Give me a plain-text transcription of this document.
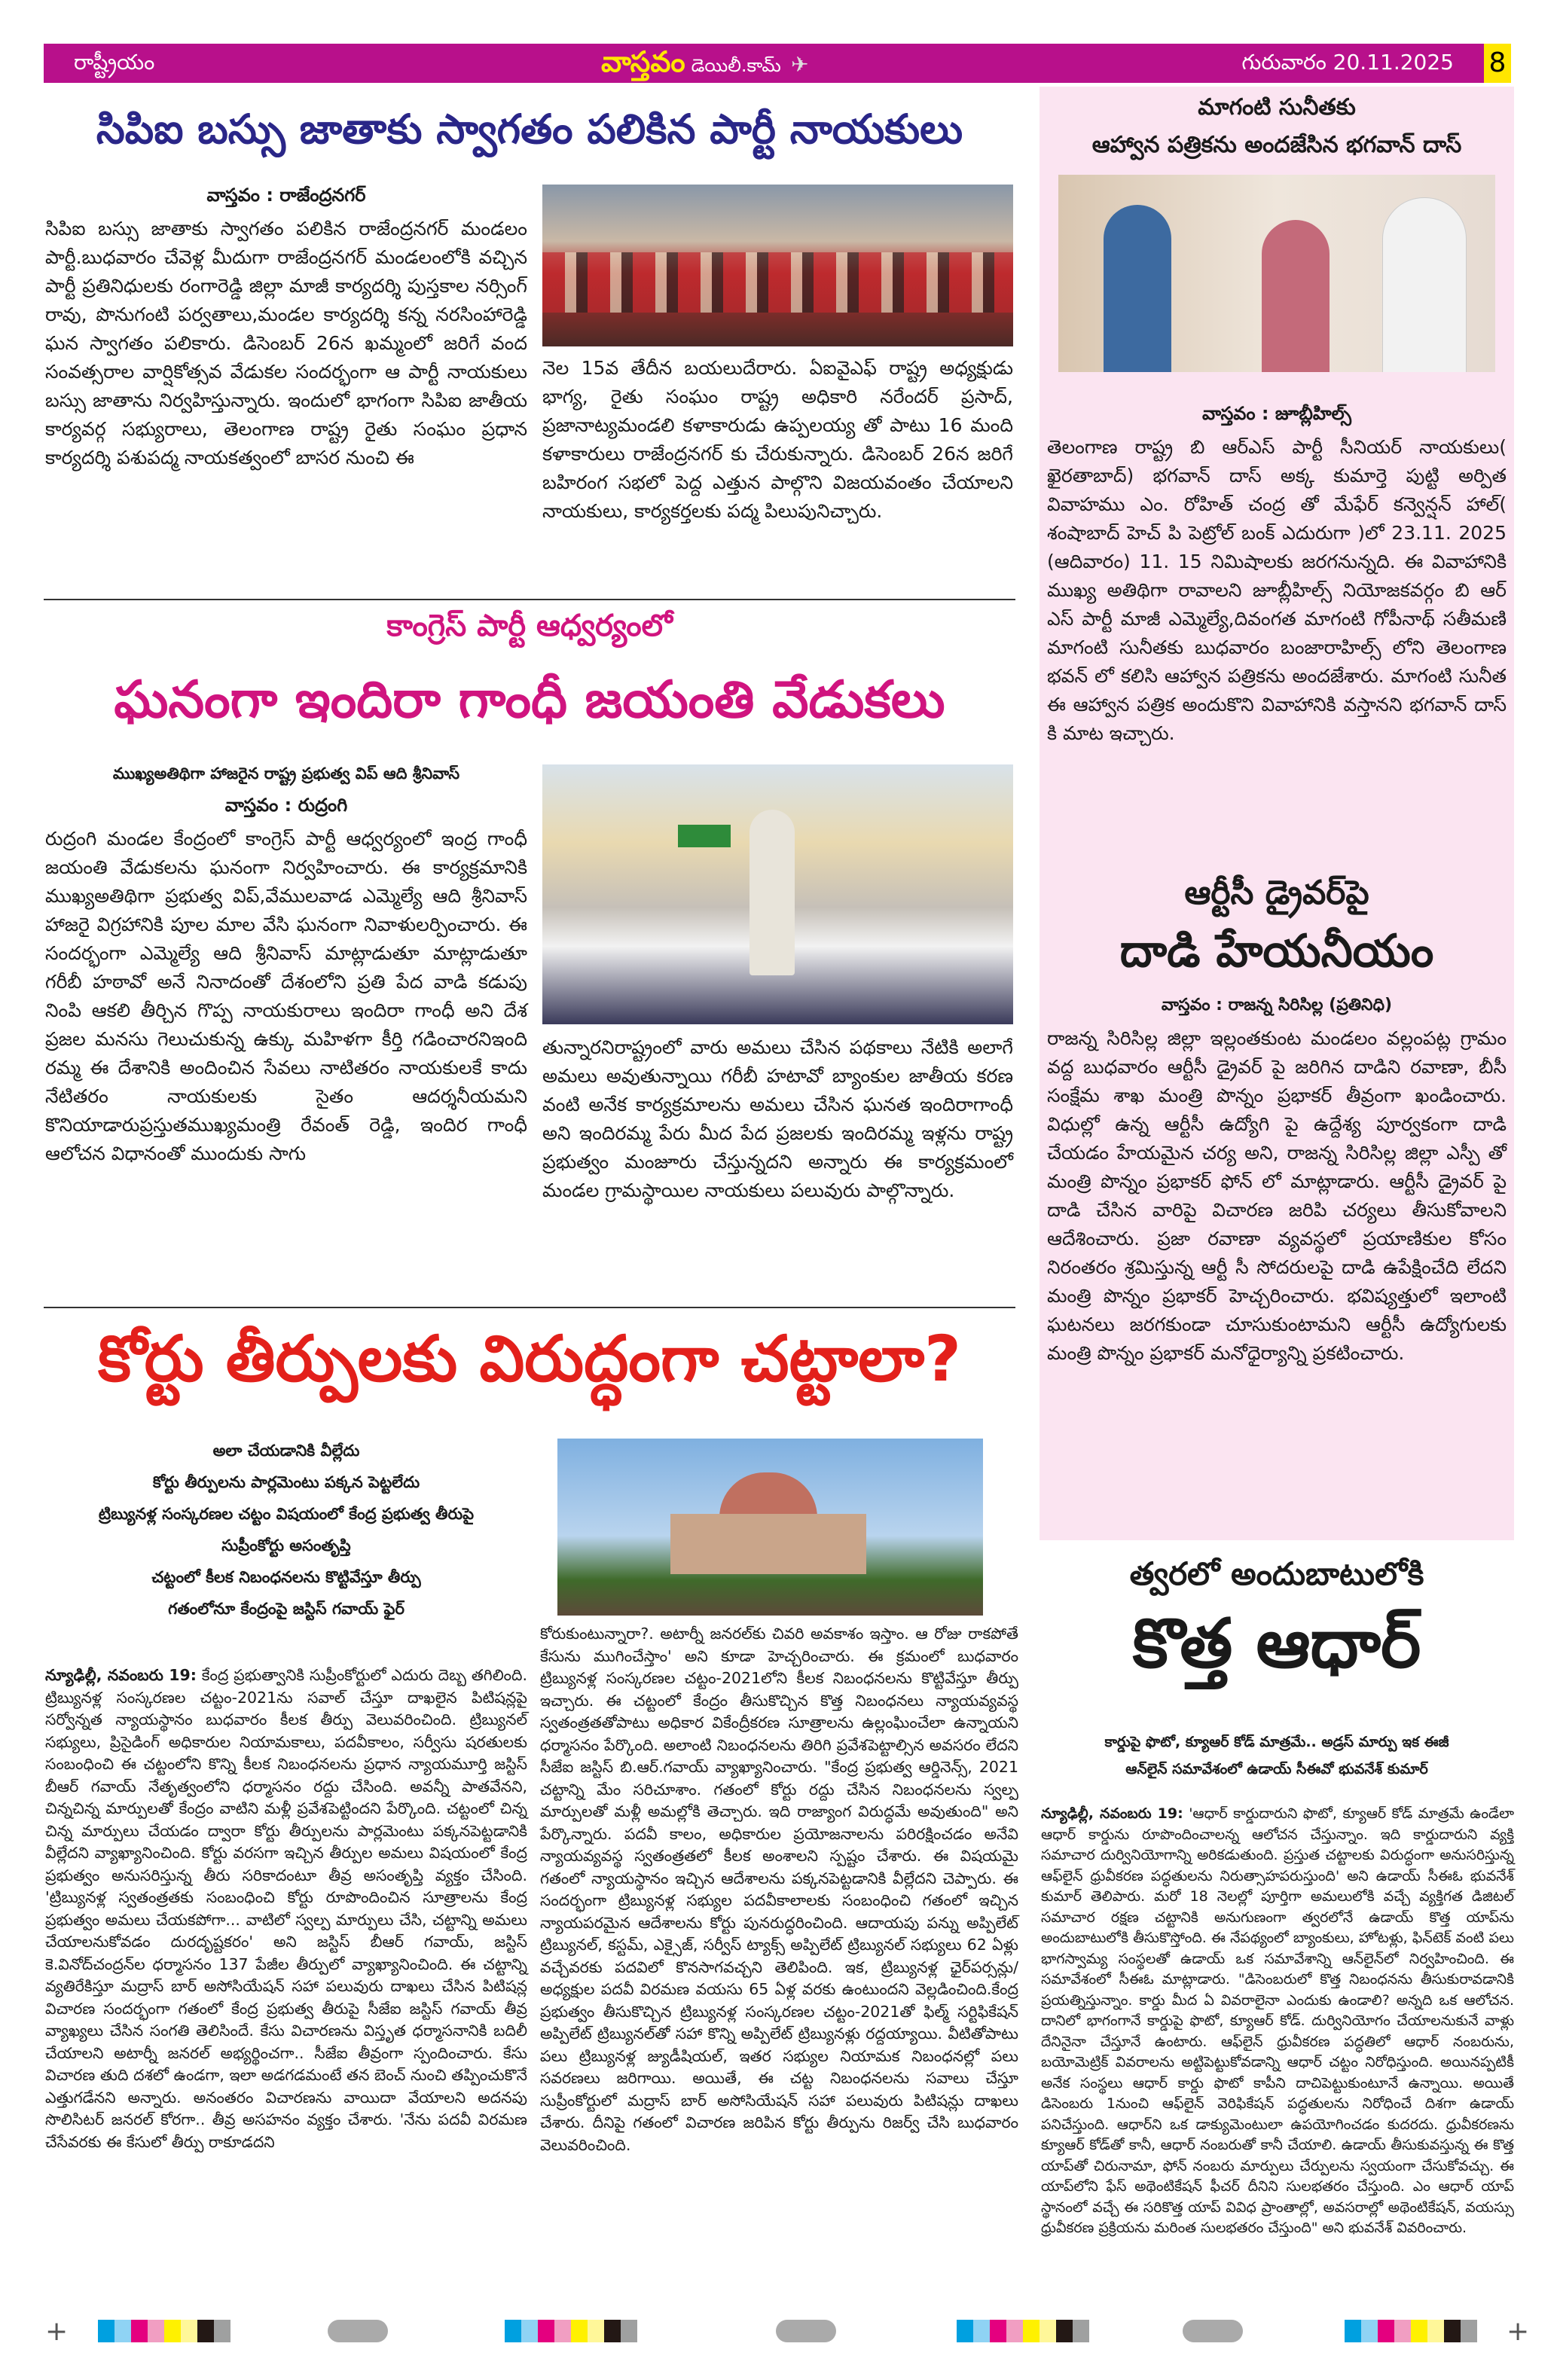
రాష్ట్రీయం	వాస్తవం డెయిలీ.కామ్ ✈	గురువారం 20.11.2025 8
సిపిఐ బస్సు జాతాకు స్వాగతం పలికిన పార్టీ నాయకులు
వాస్తవం : రాజేంద్రనగర్
సిపిఐ బస్సు జాతాకు స్వాగతం పలికిన రాజేంద్రనగర్ మండలం పార్టీ.బుధవారం చేవెళ్ల మీదుగా రాజేంద్రనగర్ మండలంలోకి వచ్చిన పార్టీ ప్రతినిధులకు రంగారెడ్డి జిల్లా మాజీ కార్యదర్శి పుస్తకాల నర్సింగ్ రావు, పొనుగంటి పర్వతాలు,మండల కార్యదర్శి కన్న నరసింహారెడ్డి ఘన స్వాగతం పలికారు. డిసెంబర్ 26న ఖమ్మంలో జరిగే వంద సంవత్సరాల వార్షికోత్సవ వేడుకల సందర్భంగా ఆ పార్టీ నాయకులు బస్సు జాతాను నిర్వహిస్తున్నారు. ఇందులో భాగంగా సిపిఐ జాతీయ కార్యవర్గ సభ్యురాలు, తెలంగాణ రాష్ట్ర రైతు సంఘం ప్రధాన కార్యదర్శి పశుపద్మ నాయకత్వంలో బాసర నుంచి ఈ
నెల 15వ తేదీన బయలుదేరారు. ఏఐవైఎఫ్ రాష్ట్ర అధ్యక్షుడు భాగ్య, రైతు సంఘం రాష్ట్ర అధికారి నరేందర్ ప్రసాద్, ప్రజానాట్యమండలి కళాకారుడు ఉప్పలయ్య తో పాటు 16 మంది కళాకారులు రాజేంద్రనగర్ కు చేరుకున్నారు. డిసెంబర్ 26న జరిగే బహిరంగ సభలో పెద్ద ఎత్తున పాల్గొని విజయవంతం చేయాలని నాయకులు, కార్యకర్తలకు పద్మ పిలుపునిచ్చారు.
కాంగ్రెస్ పార్టీ ఆధ్వర్యంలో
ఘనంగా ఇందిరా గాంధీ జయంతి వేడుకలు
ముఖ్యఅతిథిగా హాజరైన రాష్ట్ర ప్రభుత్వ విప్ ఆది శ్రీనివాస్
వాస్తవం : రుద్రంగి
రుద్రంగి మండల కేంద్రంలో కాంగ్రెస్ పార్టీ ఆధ్వర్యంలో ఇంద్ర గాంధీ జయంతి వేడుకలను ఘనంగా నిర్వహించారు. ఈ కార్యక్రమానికి ముఖ్యఅతిథిగా ప్రభుత్వ విప్,వేములవాడ ఎమ్మెల్యే ఆది శ్రీనివాస్ హాజరై విగ్రహానికి పూల మాల వేసి ఘనంగా నివాళులర్పించారు. ఈ సందర్భంగా ఎమ్మెల్యే ఆది శ్రీనివాస్ మాట్లాడుతూ మాట్లాడుతూ గరీబీ హఠావో అనే నినాదంతో దేశంలోని ప్రతి పేద వాడి కడుపు నింపి ఆకలి తీర్చిన గొప్ప నాయకురాలు ఇందిరా గాంధీ అని దేశ ప్రజల మనసు గెలుచుకున్న ఉక్కు మహిళగా కీర్తి గడించారనిఇంది రమ్మ ఈ దేశానికి అందించిన సేవలు నాటితరం నాయకులకే కాదు నేటితరం నాయకులకు సైతం ఆదర్శనీయమని కొనియాడారుప్రస్తుతముఖ్యమంత్రి రేవంత్ రెడ్డి, ఇందిర గాంధీ ఆలోచన విధానంతో ముందుకు సాగు
తున్నారనిరాష్ట్రంలో వారు అమలు చేసిన పథకాలు నేటికి అలాగే అమలు అవుతున్నాయి గరీబీ హటావో బ్యాంకుల జాతీయ కరణ వంటి అనేక కార్యక్రమాలను అమలు చేసిన ఘనత ఇందిరాగాంధీ అని ఇందిరమ్మ పేరు మీద పేద ప్రజలకు ఇందిరమ్మ ఇళ్లను రాష్ట్ర ప్రభుత్వం మంజూరు చేస్తున్నదని అన్నారు ఈ కార్యక్రమంలో మండల గ్రామస్థాయిల నాయకులు పలువురు పాల్గొన్నారు.
కోర్టు తీర్పులకు విరుద్ధంగా చట్టాలా?
అలా చేయడానికి వీల్లేదు
కోర్టు తీర్పులను పార్లమెంటు పక్కన పెట్టలేదు
ట్రిబ్యునళ్ల సంస్కరణల చట్టం విషయంలో కేంద్ర ప్రభుత్వ తీరుపై
సుప్రీంకోర్టు అసంతృప్తి
చట్టంలో కీలక నిబంధనలను కొట్టివేస్తూ తీర్పు
గతంలోనూ కేంద్రంపై జస్టిస్ గవాయ్ ఫైర్
న్యూఢిల్లీ, నవంబరు 19: కేంద్ర ప్రభుత్వానికి సుప్రీంకోర్టులో ఎదురు దెబ్బ తగిలింది. ట్రిబ్యునళ్ల సంస్కరణల చట్టం-2021ను సవాల్ చేస్తూ దాఖలైన పిటిషన్లపై సర్వోన్నత న్యాయస్థానం బుధవారం కీలక తీర్పు వెలువరించింది. ట్రిబ్యునల్ సభ్యులు, ప్రిసైడింగ్ అధికారుల నియామకాలు, పదవీకాలం, సర్వీసు షరతులకు సంబంధించి ఈ చట్టంలోని కొన్ని కీలక నిబంధనలను ప్రధాన న్యాయమూర్తి జస్టిస్ బీఆర్ గవాయ్ నేతృత్వంలోని ధర్మాసనం రద్దు చేసింది. అవన్నీ పాతవేనని, చిన్నచిన్న మార్పులతో కేంద్రం వాటిని మళ్లీ ప్రవేశపెట్టిందని పేర్కొంది. చట్టంలో చిన్న చిన్న మార్పులు చేయడం ద్వారా కోర్టు తీర్పులను పార్లమెంటు పక్కనపెట్టడానికి వీల్లేదని వ్యాఖ్యానించింది. కోర్టు వరసగా ఇచ్చిన తీర్పుల అమలు విషయంలో కేంద్ర ప్రభుత్వం అనుసరిస్తున్న తీరు సరికాదంటూ తీవ్ర అసంతృప్తి వ్యక్తం చేసింది. 'ట్రిబ్యునళ్ల స్వతంత్రతకు సంబంధించి కోర్టు రూపొందించిన సూత్రాలను కేంద్ర ప్రభుత్వం అమలు చేయకపోగా... వాటిలో స్వల్ప మార్పులు చేసి, చట్టాన్ని అమలు చేయాలనుకోవడం దురదృష్టకరం' అని జస్టిస్ బీఆర్ గవాయ్, జస్టిస్ కె.వినోద్‌చంద్రన్‌ల ధర్మాసనం 137 పేజీల తీర్పులో వ్యాఖ్యానించింది. ఈ చట్టాన్ని వ్యతిరేకిస్తూ మద్రాస్ బార్ అసోసియేషన్ సహా పలువురు దాఖలు చేసిన పిటిషన్ల విచారణ సందర్భంగా గతంలో కేంద్ర ప్రభుత్వ తీరుపై సీజేఐ జస్టిస్ గవాయ్ తీవ్ర వ్యాఖ్యలు చేసిన సంగతి తెలిసిందే. కేసు విచారణను విస్తృత ధర్మాసనానికి బదిలీ చేయాలని అటార్నీ జనరల్ అభ్యర్థించగా.. సీజేఐ తీవ్రంగా స్పందించారు. కేసు విచారణ తుది దశలో ఉండగా, ఇలా అడగడమంటే తన బెంచ్ నుంచి తప్పించుకొనే ఎత్తుగడేనని అన్నారు. అనంతరం విచారణను వాయిదా వేయాలని అదనపు సొలిసిటర్ జనరల్ కోరగా.. తీవ్ర అసహనం వ్యక్తం చేశారు. 'నేను పదవీ విరమణ చేసేవరకు ఈ కేసులో తీర్పు రాకూడదని
కోరుకుంటున్నారా?. అటార్నీ జనరల్‌కు చివరి అవకాశం ఇస్తాం. ఆ రోజు రాకపోతే కేసును ముగించేస్తాం' అని కూడా హెచ్చరించారు. ఈ క్రమంలో బుధవారం ట్రిబ్యునళ్ల సంస్కరణల చట్టం-2021లోని కీలక నిబంధనలను కొట్టివేస్తూ తీర్పు ఇచ్చారు. ఈ చట్టంలో కేంద్రం తీసుకొచ్చిన కొత్త నిబంధనలు న్యాయవ్యవస్థ స్వతంత్రతతోపాటు అధికార వికేంద్రీకరణ సూత్రాలను ఉల్లంఘించేలా ఉన్నాయని ధర్మాసనం పేర్కొంది. అలాంటి నిబంధనలను తిరిగి ప్రవేశపెట్టాల్సిన అవసరం లేదని సీజేఐ జస్టిస్ బి.ఆర్.గవాయ్ వ్యాఖ్యానించారు. "కేంద్ర ప్రభుత్వ ఆర్డినెన్స్, 2021 చట్టాన్ని మేం సరిచూశాం. గతంలో కోర్టు రద్దు చేసిన నిబంధనలను స్వల్ప మార్పులతో మళ్లీ అమల్లోకి తెచ్చారు. ఇది రాజ్యాంగ విరుద్ధమే అవుతుంది" అని పేర్కొన్నారు. పదవీ కాలం, అధికారుల ప్రయోజనాలను పరిరక్షించడం అనేవి న్యాయవ్యవస్థ స్వతంత్రతలో కీలక అంశాలని స్పష్టం చేశారు. ఈ విషయమై గతంలో న్యాయస్థానం ఇచ్చిన ఆదేశాలను పక్కనపెట్టడానికి వీల్లేదని చెప్పారు. ఈ సందర్భంగా ట్రిబ్యునళ్ల సభ్యుల పదవీకాలాలకు సంబంధించి గతంలో ఇచ్చిన న్యాయపరమైన ఆదేశాలను కోర్టు పునరుద్ధరించింది. ఆదాయపు పన్ను అప్పిలేట్ ట్రిబ్యునల్, కస్టమ్, ఎక్సైజ్, సర్వీస్ ట్యాక్స్ అప్పిలేట్ ట్రిబ్యునల్ సభ్యులు 62 ఏళ్లు వచ్చేవరకు పదవిలో కొనసాగవచ్చని తెలిపింది. ఇక, ట్రిబ్యునళ్ల ఛైర్‌పర్సన్లు/అధ్యక్షుల పదవీ విరమణ వయసు 65 ఏళ్ల వరకు ఉంటుందని వెల్లడించింది.కేంద్ర ప్రభుత్వం తీసుకొచ్చిన ట్రిబ్యునళ్ల సంస్కరణల చట్టం-2021తో ఫిల్మ్ సర్టిఫికేషన్ అప్పిలేట్ ట్రిబ్యునల్‌తో సహా కొన్ని అప్పిలేట్ ట్రిబ్యునళ్లు రద్దయ్యాయి. వీటితోపాటు పలు ట్రిబ్యునళ్ల జ్యుడీషియల్, ఇతర సభ్యుల నియామక నిబంధనల్లో పలు సవరణలు జరిగాయి. అయితే, ఈ చట్ట నిబంధనలను సవాలు చేస్తూ సుప్రీంకోర్టులో మద్రాస్ బార్ అసోసియేషన్ సహా పలువురు పిటిషన్లు దాఖలు చేశారు. దీనిపై గతంలో విచారణ జరిపిన కోర్టు తీర్పును రిజర్వ్ చేసి బుధవారం వెలువరించింది.
మాగంటి సునీతకు
ఆహ్వాన పత్రికను అందజేసిన భగవాన్ దాస్
వాస్తవం : జూబ్లీహిల్స్
తెలంగాణ రాష్ట్ర బి ఆర్ఎస్ పార్టీ సీనియర్ నాయకులు( ఖైరతాబాద్) భగవాన్ దాస్ అక్క కుమార్తె పుట్టి అర్పిత వివాహము ఎం. రోహిత్ చంద్ర తో మేఫేర్ కన్వెన్షన్ హాల్( శంషాబాద్ హెచ్ పి పెట్రోల్ బంక్ ఎదురుగా )లో 23.11. 2025 (ఆదివారం) 11. 15 నిమిషాలకు జరగనున్నది. ఈ వివాహానికి ముఖ్య అతిథిగా రావాలని జూబ్లీహిల్స్ నియోజకవర్గం బి ఆర్ ఎస్ పార్టీ మాజీ ఎమ్మెల్యే,దివంగత మాగంటి గోపీనాథ్ సతీమణి మాగంటి సునీతకు బుధవారం బంజారాహిల్స్ లోని తెలంగాణ భవన్ లో కలిసి ఆహ్వాన పత్రికను అందజేశారు. మాగంటి సునీత ఈ ఆహ్వాన పత్రిక అందుకొని వివాహానికి వస్తానని భగవాన్ దాస్ కి మాట ఇచ్చారు.
ఆర్టీసీ డ్రైవర్‌పై
దాడి హేయనీయం
వాస్తవం : రాజన్న సిరిసిల్ల (ప్రతినిధి)
రాజన్న సిరిసిల్ల జిల్లా ఇల్లంతకుంట మండలం వల్లంపట్ల గ్రామం వద్ద బుధవారం ఆర్టీసీ డ్రైవర్ పై జరిగిన దాడిని రవాణా, బీసీ సంక్షేమ శాఖ మంత్రి పొన్నం ప్రభాకర్ తీవ్రంగా ఖండించారు. విధుల్లో ఉన్న ఆర్టీసీ ఉద్యోగి పై ఉద్దేశ్య పూర్వకంగా దాడి చేయడం హేయమైన చర్య అని, రాజన్న సిరిసిల్ల జిల్లా ఎస్పీ తో మంత్రి పొన్నం ప్రభాకర్ ఫోన్ లో మాట్లాడారు. ఆర్టీసీ డ్రైవర్ పై దాడి చేసిన వారిపై విచారణ జరిపి చర్యలు తీసుకోవాలని ఆదేశించారు. ప్రజా రవాణా వ్యవస్థలో ప్రయాణికుల కోసం నిరంతరం శ్రమిస్తున్న ఆర్టీ సీ సోదరులపై దాడి ఉపేక్షించేది లేదని మంత్రి పొన్నం ప్రభాకర్ హెచ్చరించారు. భవిష్యత్తులో ఇలాంటి ఘటనలు జరగకుండా చూసుకుంటామని ఆర్టీసీ ఉద్యోగులకు మంత్రి పొన్నం ప్రభాకర్ మనోధైర్యాన్ని ప్రకటించారు.
త్వరలో అందుబాటులోకి
కొత్త ఆధార్
కార్డుపై ఫొటో, క్యూఆర్ కోడ్ మాత్రమే.. అడ్రస్ మార్పు ఇక ఈజీ
ఆన్‌లైన్ సమావేశంలో ఉడాయ్ సీఈవో భువనేశ్ కుమార్
న్యూఢిల్లీ, నవంబరు 19: 'ఆధార్ కార్డుదారుని ఫొటో, క్యూఆర్ కోడ్ మాత్రమే ఉండేలా ఆధార్ కార్డును రూపొందించాలన్న ఆలోచన చేస్తున్నాం. ఇది కార్డుదారుని వ్యక్తి సమాచార దుర్వినియోగాన్ని అరికడుతుంది. ప్రస్తుత చట్టాలకు విరుద్ధంగా అనుసరిస్తున్న ఆఫ్‌లైన్ ధ్రువీకరణ పద్ధతులను నిరుత్సాహపరుస్తుంది' అని ఉడాయ్ సీఈఓ భువనేశ్ కుమార్ తెలిపారు. మరో 18 నెలల్లో పూర్తిగా అమలులోకి వచ్చే వ్యక్తిగత డిజిటల్ సమాచార రక్షణ చట్టానికి అనుగుణంగా త్వరలోనే ఉడాయ్ కొత్త యాప్‌ను అందుబాటులోకి తీసుకొస్తోంది. ఈ నేపథ్యంలో బ్యాంకులు, హోటళ్లు, ఫిన్‌టెక్ వంటి పలు భాగస్వామ్య సంస్థలతో ఉడాయ్ ఒక సమావేశాన్ని ఆన్‌లైన్‌లో నిర్వహించింది. ఈ సమావేశంలో సీఈఓ మాట్లాడారు. "డిసెంబరులో కొత్త నిబంధనను తీసుకురావడానికి ప్రయత్నిస్తున్నాం. కార్డు మీద ఏ వివరాలైనా ఎందుకు ఉండాలి? అన్నది ఒక ఆలోచన. దానిలో భాగంగానే కార్డుపై ఫొటో, క్యూఆర్ కోడ్. దుర్వినియోగం చేయాలనుకునే వాళ్లు దేనినైనా చేస్తూనే ఉంటారు. ఆఫ్‌లైన్ ధ్రువీకరణ పద్ధతిలో ఆధార్ నంబరును, బయోమెట్రిక్ వివరాలను అట్టిపెట్టుకోవడాన్ని ఆధార్ చట్టం నిరోధిస్తుంది. అయినప్పటికీ అనేక సంస్థలు ఆధార్ కార్డు ఫొటో కాపీని దాచిపెట్టుకుంటూనే ఉన్నాయి. అయితే డిసెంబరు 1నుంచి ఆఫ్‌లైన్ వెరిఫికేషన్ పద్ధతులను నిరోధించే దిశగా ఉడాయ్ పనిచేస్తుంది. ఆధార్‌ని ఒక డాక్యుమెంటులా ఉపయోగించడం కుదరదు. ధ్రువీకరణను క్యూఆర్ కోడ్‌తో కానీ, ఆధార్ నంబరుతో కానీ చేయాలి. ఉడాయ్ తీసుకువస్తున్న ఈ కొత్త యాప్‌తో చిరునామా, ఫోన్ నంబరు మార్పులు చేర్పులను స్వయంగా చేసుకోవచ్చు. ఈ యాప్‌లోని ఫేస్ అథెంటికేషన్ ఫీచర్ దీనిని సులభతరం చేస్తుంది. ఎం ఆధార్ యాప్ స్థానంలో వచ్చే ఈ సరికొత్త యాప్ వివిధ ప్రాంతాల్లో, అవసరాల్లో అథెంటికేషన్, వయస్సు ధ్రువీకరణ ప్రక్రియను మరింత సులభతరం చేస్తుంది" అని భువనేశ్ వివరించారు.
+	+
